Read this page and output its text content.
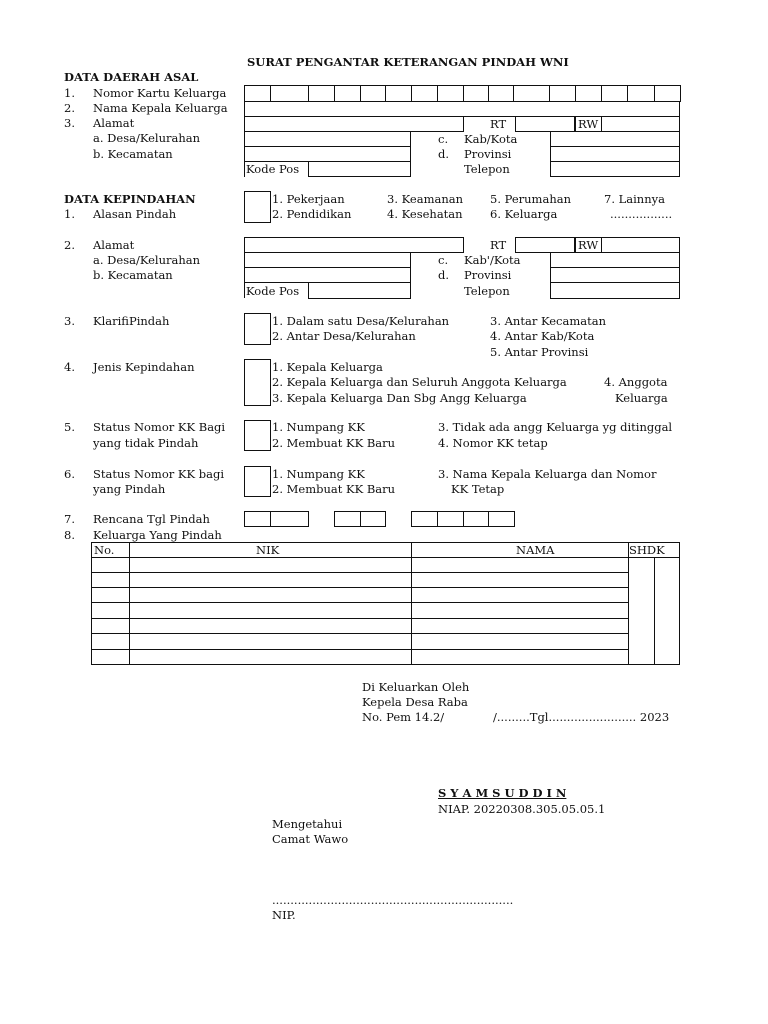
SURAT PENGANTAR KETERANGAN PINDAH WNI
DATA DAERAH ASAL
1. Nomor Kartu Keluarga
2. Nama Kepala Keluarga
3. Alamat
a. Desa/Kelurahan
b. Kecamatan
RT	RW
c. Kab/Kota
d. Provinsi
Kode Pos	Telepon
DATA KEPINDAHAN
1. Alasan Pindah
1. Pekerjaan
2. Pendidikan
3. Keamanan
4. Kesehatan
5. Perumahan
6. Keluarga
7. Lainnya
.................
2. Alamat
a. Desa/Kelurahan
b. Kecamatan
RT	RW
c. Kab'/Kota
d. Provinsi
Kode Pos	Telepon
3. KlarifiPindah	1. Dalam satu Desa/Kelurahan
2. Antar Desa/Kelurahan
3. Antar Kecamatan
4. Antar Kab/Kota
5. Antar Provinsi
4. Jenis Kepindahan	1. Kepala Keluarga
2. Kepala Keluarga dan Seluruh Anggota Keluarga
3. Kepala Keluarga Dan Sbg Angg Keluarga
4. Anggota
Keluarga
5. Status Nomor KK Bagi
yang tidak Pindah
1. Numpang KK
2. Membuat KK Baru
3. Tidak ada angg Keluarga yg ditinggal
4. Nomor KK tetap
6. Status Nomor KK bagi
yang Pindah
1. Numpang KK
2. Membuat KK Baru
3. Nama Kepala Keluarga dan Nomor
KK Tetap
7. Rencana Tgl Pindah
8. Keluarga Yang Pindah
No.	NIK	NAMA	SHDK
Di Keluarkan Oleh
Kepela Desa Raba
No. Pem 14.2/	/.........Tgl........................ 2023
S Y A M S U D D I N
NIAP. 20220308.305.05.05.1
Mengetahui
Camat Wawo
..................................................................
NIP.
